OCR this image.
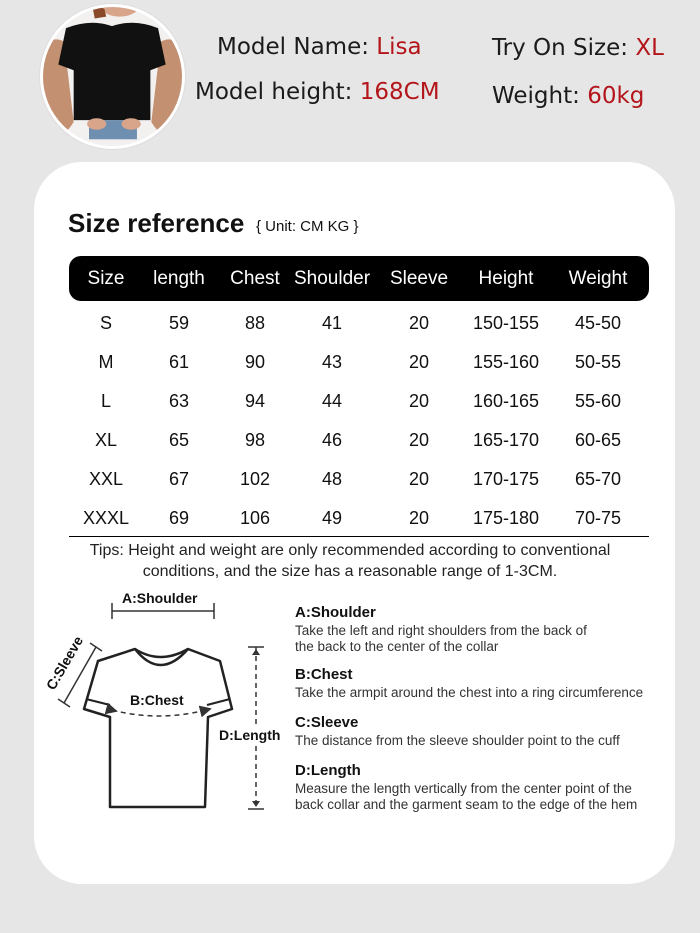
Model Name: Lisa
Model height: 168CM
Try On Size: XL
Weight: 60kg
Size reference { Unit: CM KG }
Size length Chest Shoulder Sleeve Height Weight
S	59	88	41	20 150-155 45-50
M	61	90	43	20 155-160 50-55
L	63	94	44	20 160-165 55-60
XL	65	98	46	20 165-170 60-65
XXL	67	102	48	20 170-175 65-70
XXXL 69	106	49	20 175-180 70-75
Tips: Height and weight are only recommended according to conventional
conditions, and the size has a reasonable range of 1-3CM.
A:Shoulder
C:Sleeve
B:Chest
D:Length
A:Shoulder
Take the left and right shoulders from the back of
the back to the center of the collar
B:Chest
Take the armpit around the chest into a ring circumference
C:Sleeve
The distance from the sleeve shoulder point to the cuff
D:Length
Measure the length vertically from the center point of the
back collar and the garment seam to the edge of the hem
